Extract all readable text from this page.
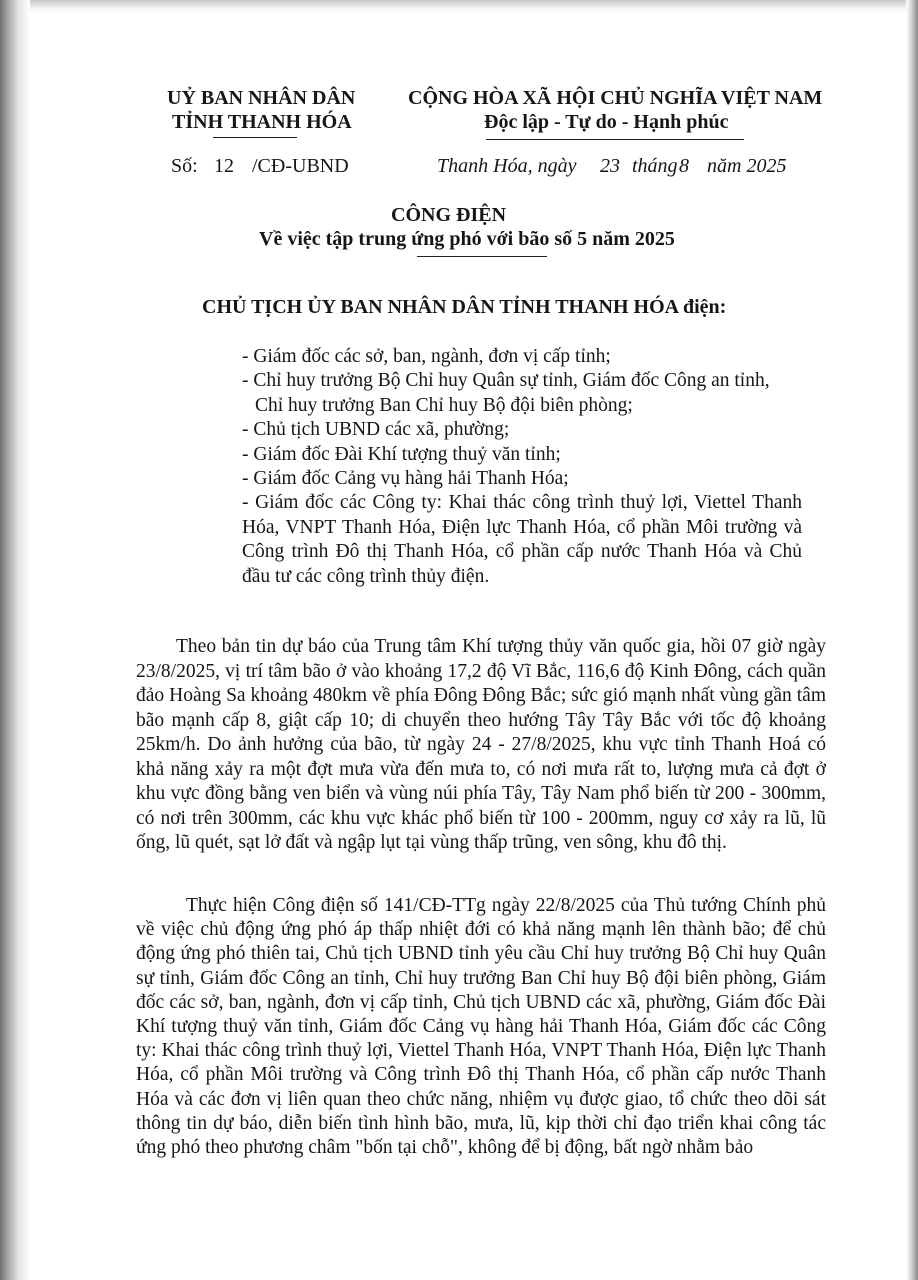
UỶ BAN NHÂN DÂN
TỈNH THANH HÓA
Số: 12 /CĐ-UBND
CỘNG HÒA XÃ HỘI CHỦ NGHĨA VIỆT NAM
Độc lập - Tự do - Hạnh phúc
Thanh Hóa, ngày 23 tháng 8 năm 2025
CÔNG ĐIỆN
Về việc tập trung ứng phó với bão số 5 năm 2025
CHỦ TỊCH ỦY BAN NHÂN DÂN TỈNH THANH HÓA điện:
- Giám đốc các sở, ban, ngành, đơn vị cấp tỉnh;
- Chỉ huy trưởng Bộ Chỉ huy Quân sự tỉnh, Giám đốc Công an tỉnh,
Chỉ huy trưởng Ban Chỉ huy Bộ đội biên phòng;
- Chủ tịch UBND các xã, phường;
- Giám đốc Đài Khí tượng thuỷ văn tỉnh;
- Giám đốc Cảng vụ hàng hải Thanh Hóa;
- Giám đốc các Công ty: Khai thác công trình thuỷ lợi, Viettel Thanh Hóa, VNPT Thanh Hóa, Điện lực Thanh Hóa, cổ phần Môi trường và Công trình Đô thị Thanh Hóa, cổ phần cấp nước Thanh Hóa và Chủ đầu tư các công trình thủy điện.
Theo bản tin dự báo của Trung tâm Khí tượng thủy văn quốc gia, hồi 07 giờ ngày 23/8/2025, vị trí tâm bão ở vào khoảng 17,2 độ Vĩ Bắc, 116,6 độ Kinh Đông, cách quần đảo Hoàng Sa khoảng 480km về phía Đông Đông Bắc; sức gió mạnh nhất vùng gần tâm bão mạnh cấp 8, giật cấp 10; di chuyển theo hướng Tây Tây Bắc với tốc độ khoảng 25km/h. Do ảnh hưởng của bão, từ ngày 24 - 27/8/2025, khu vực tỉnh Thanh Hoá có khả năng xảy ra một đợt mưa vừa đến mưa to, có nơi mưa rất to, lượng mưa cả đợt ở khu vực đồng bằng ven biển và vùng núi phía Tây, Tây Nam phổ biến từ 200 - 300mm, có nơi trên 300mm, các khu vực khác phổ biến từ 100 - 200mm, nguy cơ xảy ra lũ, lũ ống, lũ quét, sạt lở đất và ngập lụt tại vùng thấp trũng, ven sông, khu đô thị.
Thực hiện Công điện số 141/CĐ-TTg ngày 22/8/2025 của Thủ tướng Chính phủ về việc chủ động ứng phó áp thấp nhiệt đới có khả năng mạnh lên thành bão; để chủ động ứng phó thiên tai, Chủ tịch UBND tỉnh yêu cầu Chỉ huy trưởng Bộ Chỉ huy Quân sự tỉnh, Giám đốc Công an tỉnh, Chỉ huy trưởng Ban Chỉ huy Bộ đội biên phòng, Giám đốc các sở, ban, ngành, đơn vị cấp tỉnh, Chủ tịch UBND các xã, phường, Giám đốc Đài Khí tượng thuỷ văn tỉnh, Giám đốc Cảng vụ hàng hải Thanh Hóa, Giám đốc các Công ty: Khai thác công trình thuỷ lợi, Viettel Thanh Hóa, VNPT Thanh Hóa, Điện lực Thanh Hóa, cổ phần Môi trường và Công trình Đô thị Thanh Hóa, cổ phần cấp nước Thanh Hóa và các đơn vị liên quan theo chức năng, nhiệm vụ được giao, tổ chức theo dõi sát thông tin dự báo, diễn biến tình hình bão, mưa, lũ, kịp thời chỉ đạo triển khai công tác ứng phó theo phương châm "bốn tại chỗ", không để bị động, bất ngờ nhằm bảo
